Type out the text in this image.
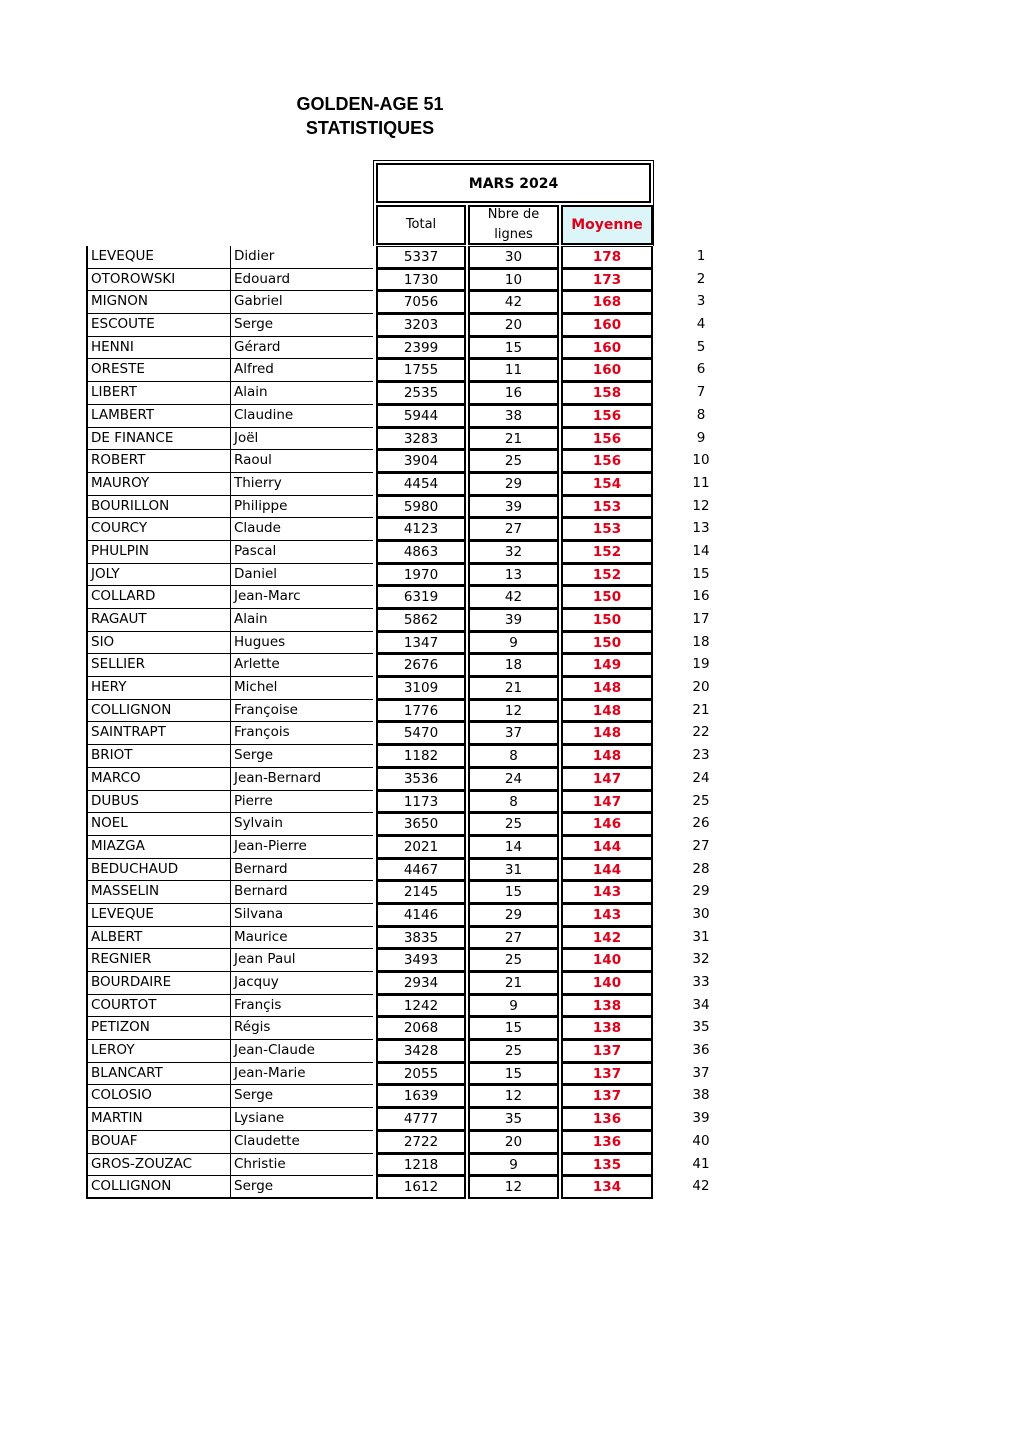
GOLDEN-AGE 51
STATISTIQUES
MARS 2024
Total
Nbre de lignes
Moyenne
LEVEQUE	Didier	5337	30	178	1
OTOROWSKI	Edouard	1730	10	173	2
MIGNON	Gabriel	7056	42	168	3
ESCOUTE	Serge	3203	20	160	4
HENNI	Gérard	2399	15	160	5
ORESTE	Alfred	1755	11	160	6
LIBERT	Alain	2535	16	158	7
LAMBERT	Claudine	5944	38	156	8
DE FINANCE	Joël	3283	21	156	9
ROBERT	Raoul	3904	25	156	10
MAUROY	Thierry	4454	29	154	11
BOURILLON	Philippe	5980	39	153	12
COURCY	Claude	4123	27	153	13
PHULPIN	Pascal	4863	32	152	14
JOLY	Daniel	1970	13	152	15
COLLARD	Jean-Marc	6319	42	150	16
RAGAUT	Alain	5862	39	150	17
SIO	Hugues	1347	9	150	18
SELLIER	Arlette	2676	18	149	19
HERY	Michel	3109	21	148	20
COLLIGNON	Françoise	1776	12	148	21
SAINTRAPT	François	5470	37	148	22
BRIOT	Serge	1182	8	148	23
MARCO	Jean-Bernard	3536	24	147	24
DUBUS	Pierre	1173	8	147	25
NOEL	Sylvain	3650	25	146	26
MIAZGA	Jean-Pierre	2021	14	144	27
BEDUCHAUD	Bernard	4467	31	144	28
MASSELIN	Bernard	2145	15	143	29
LEVEQUE	Silvana	4146	29	143	30
ALBERT	Maurice	3835	27	142	31
REGNIER	Jean Paul	3493	25	140	32
BOURDAIRE	Jacquy	2934	21	140	33
COURTOT	Françis	1242	9	138	34
PETIZON	Régis	2068	15	138	35
LEROY	Jean-Claude	3428	25	137	36
BLANCART	Jean-Marie	2055	15	137	37
COLOSIO	Serge	1639	12	137	38
MARTIN	Lysiane	4777	35	136	39
BOUAF	Claudette	2722	20	136	40
GROS-ZOUZAC	Christie	1218	9	135	41
COLLIGNON	Serge	1612	12	134	42
